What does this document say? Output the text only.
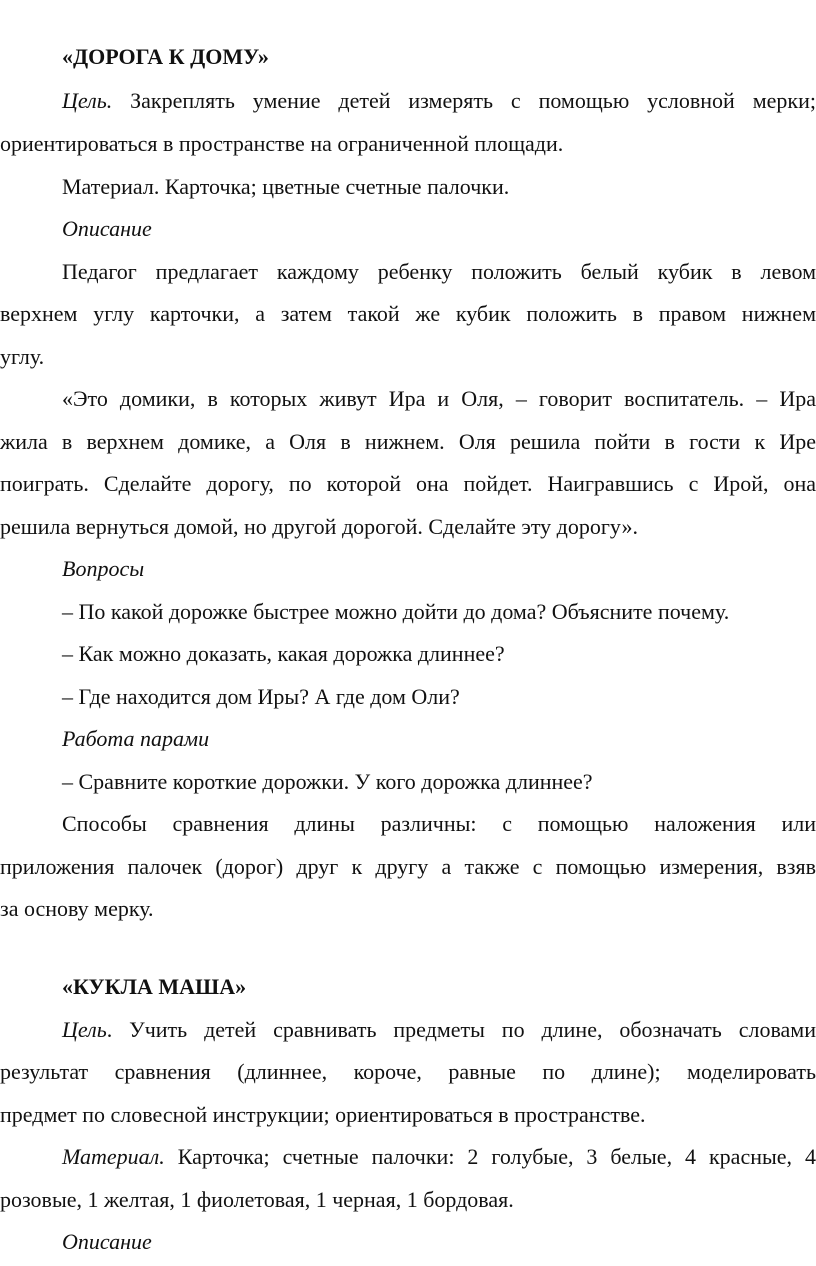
«ДОРОГА К ДОМУ»
Цель. Закреплять умение детей измерять с помощью условной мерки;
ориентироваться в пространстве на ограниченной площади.
Материал. Карточка; цветные счетные палочки.
Описание
Педагог предлагает каждому ребенку положить белый кубик в левом
верхнем углу карточки, а затем такой же кубик положить в правом нижнем
углу.
«Это домики, в которых живут Ира и Оля, – говорит воспитатель. – Ира
жила в верхнем домике, а Оля в нижнем. Оля решила пойти в гости к Ире
поиграть. Сделайте дорогу, по которой она пойдет. Наигравшись с Ирой, она
решила вернуться домой, но другой дорогой. Сделайте эту дорогу».
Вопросы
– По какой дорожке быстрее можно дойти до дома? Объясните почему.
– Как можно доказать, какая дорожка длиннее?
– Где находится дом Иры? А где дом Оли?
Работа парами
– Сравните короткие дорожки. У кого дорожка длиннее?
Способы сравнения длины различны: с помощью наложения или
приложения палочек (дорог) друг к другу а также с помощью измерения, взяв
за основу мерку.
«КУКЛА МАША»
Цель. Учить детей сравнивать предметы по длине, обозначать словами
результат сравнения (длиннее, короче, равные по длине); моделировать
предмет по словесной инструкции; ориентироваться в пространстве.
Материал. Карточка; счетные палочки: 2 голубые, 3 белые, 4 красные, 4
розовые, 1 желтая, 1 фиолетовая, 1 черная, 1 бордовая.
Описание
